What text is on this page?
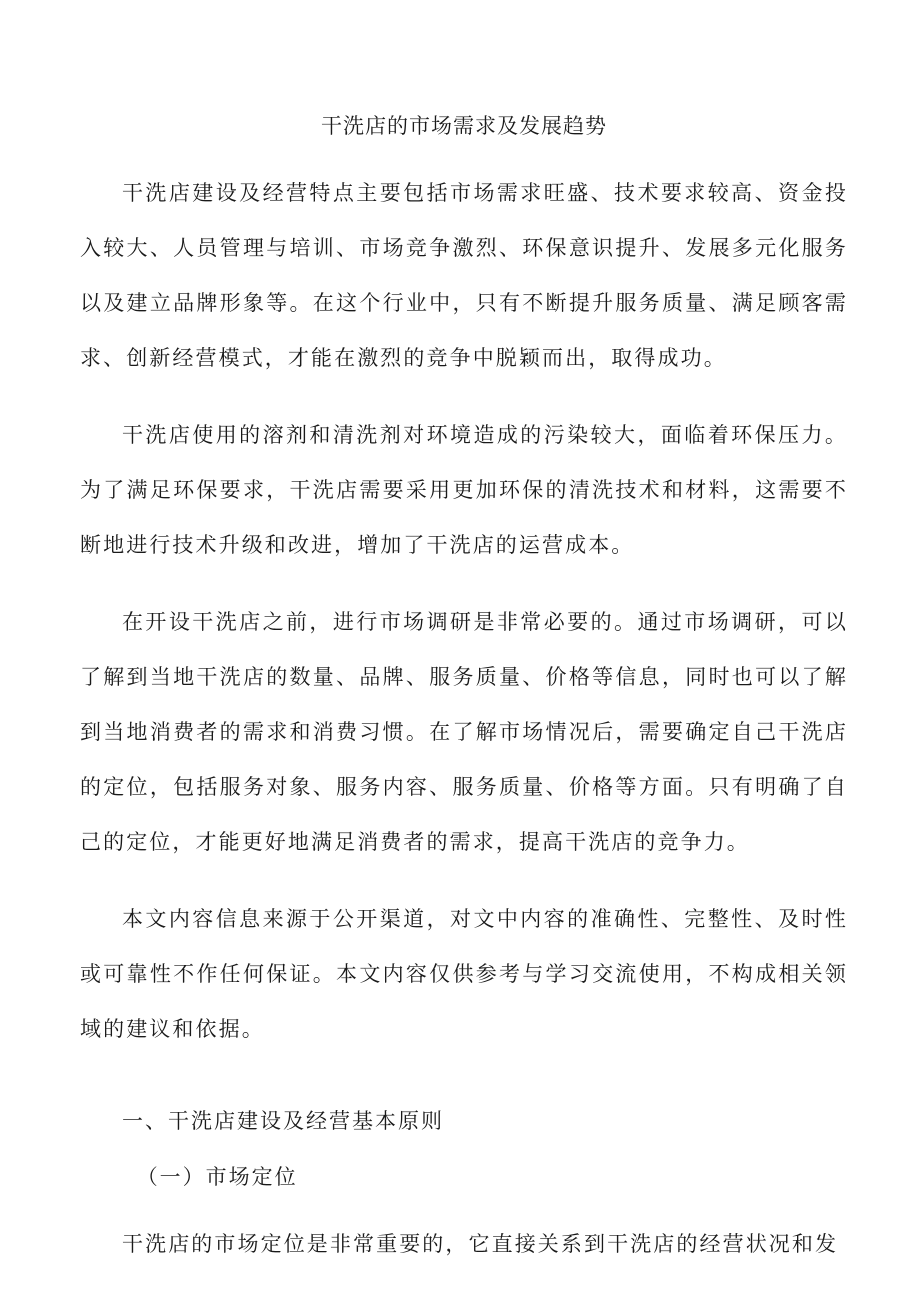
干洗店的市场需求及发展趋势

干洗店建设及经营特点主要包括市场需求旺盛、技术要求较高、资金投入较大、人员管理与培训、市场竞争激烈、环保意识提升、发展多元化服务以及建立品牌形象等。在这个行业中，只有不断提升服务质量、满足顾客需求、创新经营模式，才能在激烈的竞争中脱颖而出，取得成功。

干洗店使用的溶剂和清洗剂对环境造成的污染较大，面临着环保压力。为了满足环保要求，干洗店需要采用更加环保的清洗技术和材料，这需要不断地进行技术升级和改进，增加了干洗店的运营成本。

在开设干洗店之前，进行市场调研是非常必要的。通过市场调研，可以了解到当地干洗店的数量、品牌、服务质量、价格等信息，同时也可以了解到当地消费者的需求和消费习惯。在了解市场情况后，需要确定自己干洗店的定位，包括服务对象、服务内容、服务质量、价格等方面。只有明确了自己的定位，才能更好地满足消费者的需求，提高干洗店的竞争力。

本文内容信息来源于公开渠道，对文中内容的准确性、完整性、及时性或可靠性不作任何保证。本文内容仅供参考与学习交流使用，不构成相关领域的建议和依据。

一、干洗店建设及经营基本原则
（一）市场定位

干洗店的市场定位是非常重要的，它直接关系到干洗店的经营状况和发
